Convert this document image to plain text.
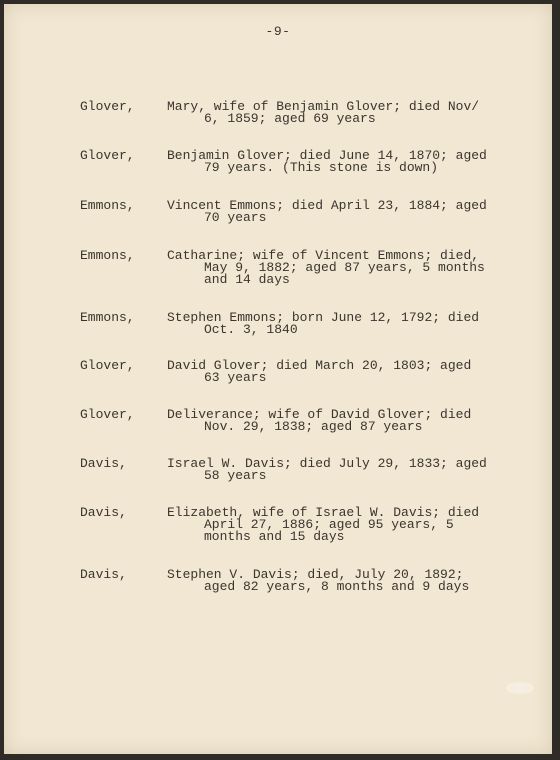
-9-
Glover, Mary, wife of Benjamin Glover; died Nov/
6, 1859; aged 69 years
Glover, Benjamin Glover; died June 14, 1870; aged
79 years. (This stone is down)
Emmons, Vincent Emmons; died April 23, 1884; aged
70 years
Emmons, Catharine; wife of Vincent Emmons; died,
May 9, 1882; aged 87 years, 5 months
and 14 days
Emmons, Stephen Emmons; born June 12, 1792; died
Oct. 3, 1840
Glover, David Glover; died March 20, 1803; aged
63 years
Glover, Deliverance; wife of David Glover; died
Nov. 29, 1838; aged 87 years
Davis,	Israel W. Davis; died July 29, 1833; aged
58 years
Davis,	Elizabeth, wife of Israel W. Davis; died
April 27, 1886; aged 95 years, 5
months and 15 days
Davis,	Stephen V. Davis; died, July 20, 1892;
aged 82 years, 8 months and 9 days
